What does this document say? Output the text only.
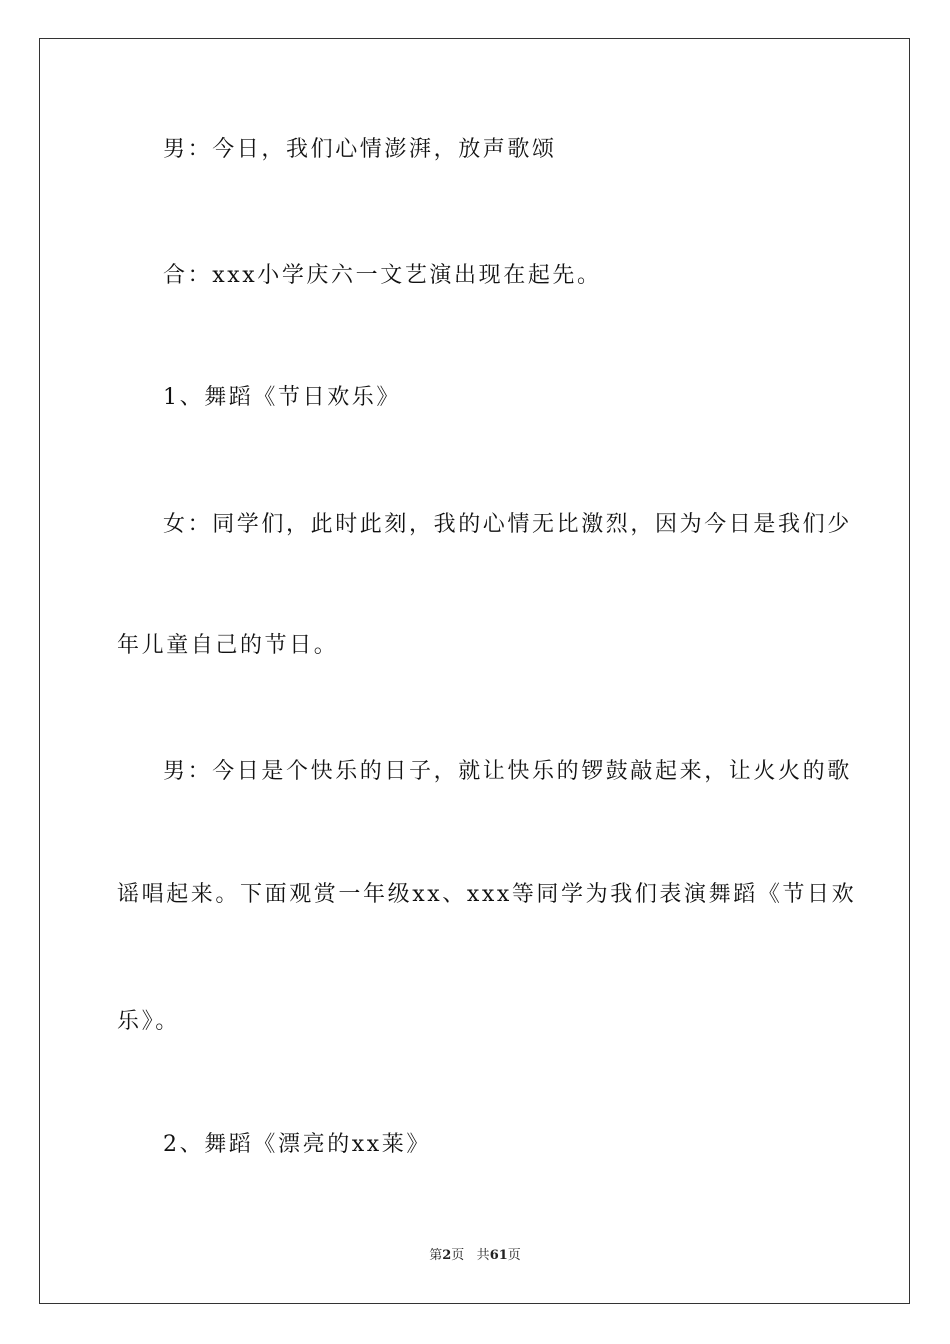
男：今日，我们心情澎湃，放声歌颂
合：xxx小学庆六一文艺演出现在起先。
1、舞蹈《节日欢乐》
女：同学们，此时此刻，我的心情无比激烈，因为今日是我们少
年儿童自己的节日。
男：今日是个快乐的日子，就让快乐的锣鼓敲起来，让火火的歌
谣唱起来。下面观赏一年级xx、xxx等同学为我们表演舞蹈《节日欢
乐》。
2、舞蹈《漂亮的xx莱》
第2页 共61页
